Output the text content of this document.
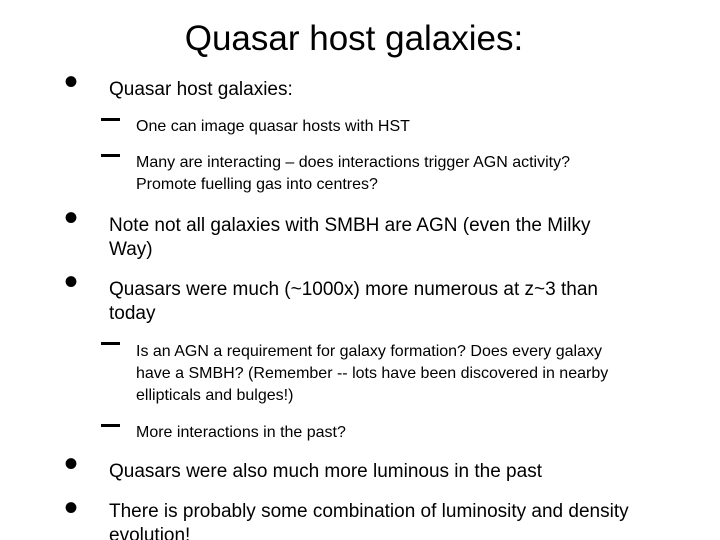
Quasar host galaxies:
• Quasar host galaxies:
One can image quasar hosts with HST
Many are interacting – does interactions trigger AGN activity?
Promote fuelling gas into centres?
• Note not all galaxies with SMBH are AGN (even the Milky
Way)
• Quasars were much (~1000x) more numerous at z~3 than
today
Is an AGN a requirement for galaxy formation? Does every galaxy
have a SMBH? (Remember -- lots have been discovered in nearby
ellipticals and bulges!)
More interactions in the past?
• Quasars were also much more luminous in the past
• There is probably some combination of luminosity and density
evolution!
